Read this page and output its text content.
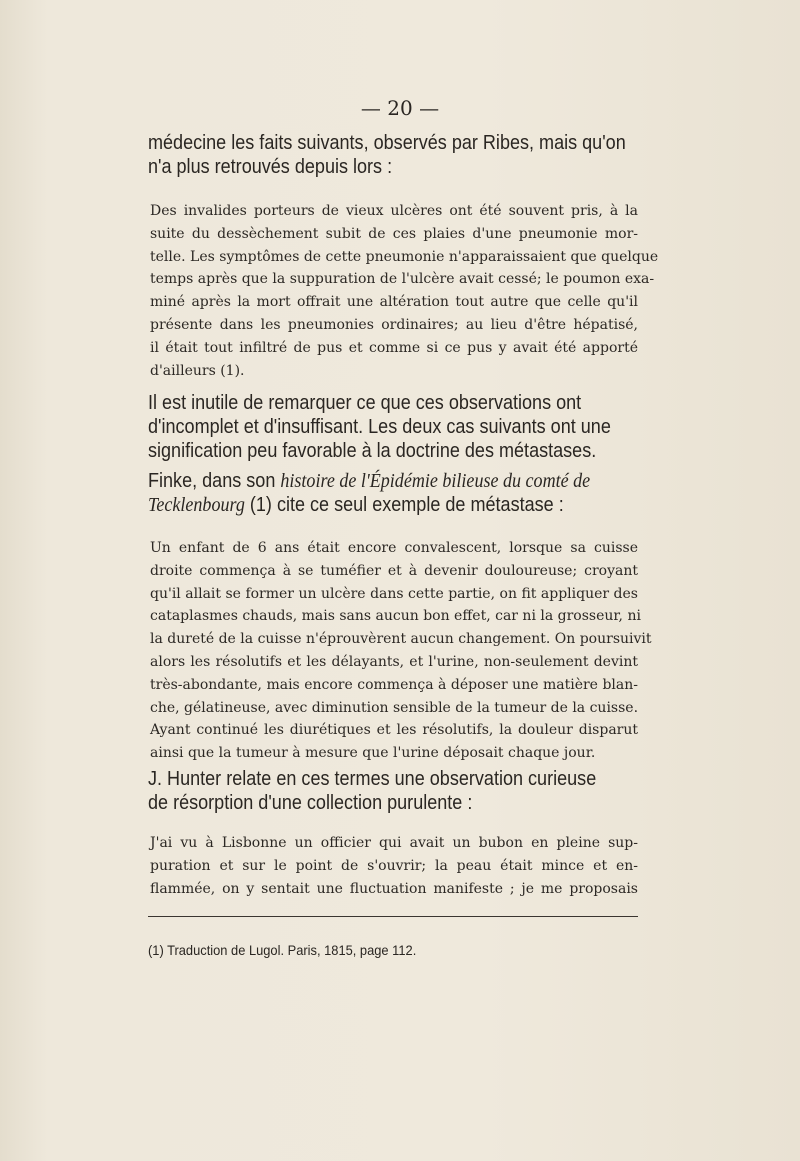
— 20 —
médecine les faits suivants, observés par Ribes, mais qu'on
n'a plus retrouvés depuis lors :
Des invalides porteurs de vieux ulcères ont été souvent pris, à la
suite du dessèchement subit de ces plaies d'une pneumonie mor-
telle. Les symptômes de cette pneumonie n'apparaissaient que quelque
temps après que la suppuration de l'ulcère avait cessé; le poumon exa-
miné après la mort offrait une altération tout autre que celle qu'il
présente dans les pneumonies ordinaires; au lieu d'être hépatisé,
il était tout infiltré de pus et comme si ce pus y avait été apporté
d'ailleurs (1).
Il est inutile de remarquer ce que ces observations ont
d'incomplet et d'insuffisant. Les deux cas suivants ont une
signification peu favorable à la doctrine des métastases.
Finke, dans son histoire de l'Épidémie bilieuse du comté de
Tecklenbourg (1) cite ce seul exemple de métastase :
Un enfant de 6 ans était encore convalescent, lorsque sa cuisse
droite commença à se tuméfier et à devenir douloureuse; croyant
qu'il allait se former un ulcère dans cette partie, on fit appliquer des
cataplasmes chauds, mais sans aucun bon effet, car ni la grosseur, ni
la dureté de la cuisse n'éprouvèrent aucun changement. On poursuivit
alors les résolutifs et les délayants, et l'urine, non-seulement devint
très-abondante, mais encore commença à déposer une matière blan-
che, gélatineuse, avec diminution sensible de la tumeur de la cuisse.
Ayant continué les diurétiques et les résolutifs, la douleur disparut
ainsi que la tumeur à mesure que l'urine déposait chaque jour.
J. Hunter relate en ces termes une observation curieuse
de résorption d'une collection purulente :
J'ai vu à Lisbonne un officier qui avait un bubon en pleine sup-
puration et sur le point de s'ouvrir; la peau était mince et en-
flammée, on y sentait une fluctuation manifeste ; je me proposais
(1) Traduction de Lugol. Paris, 1815, page 112.
